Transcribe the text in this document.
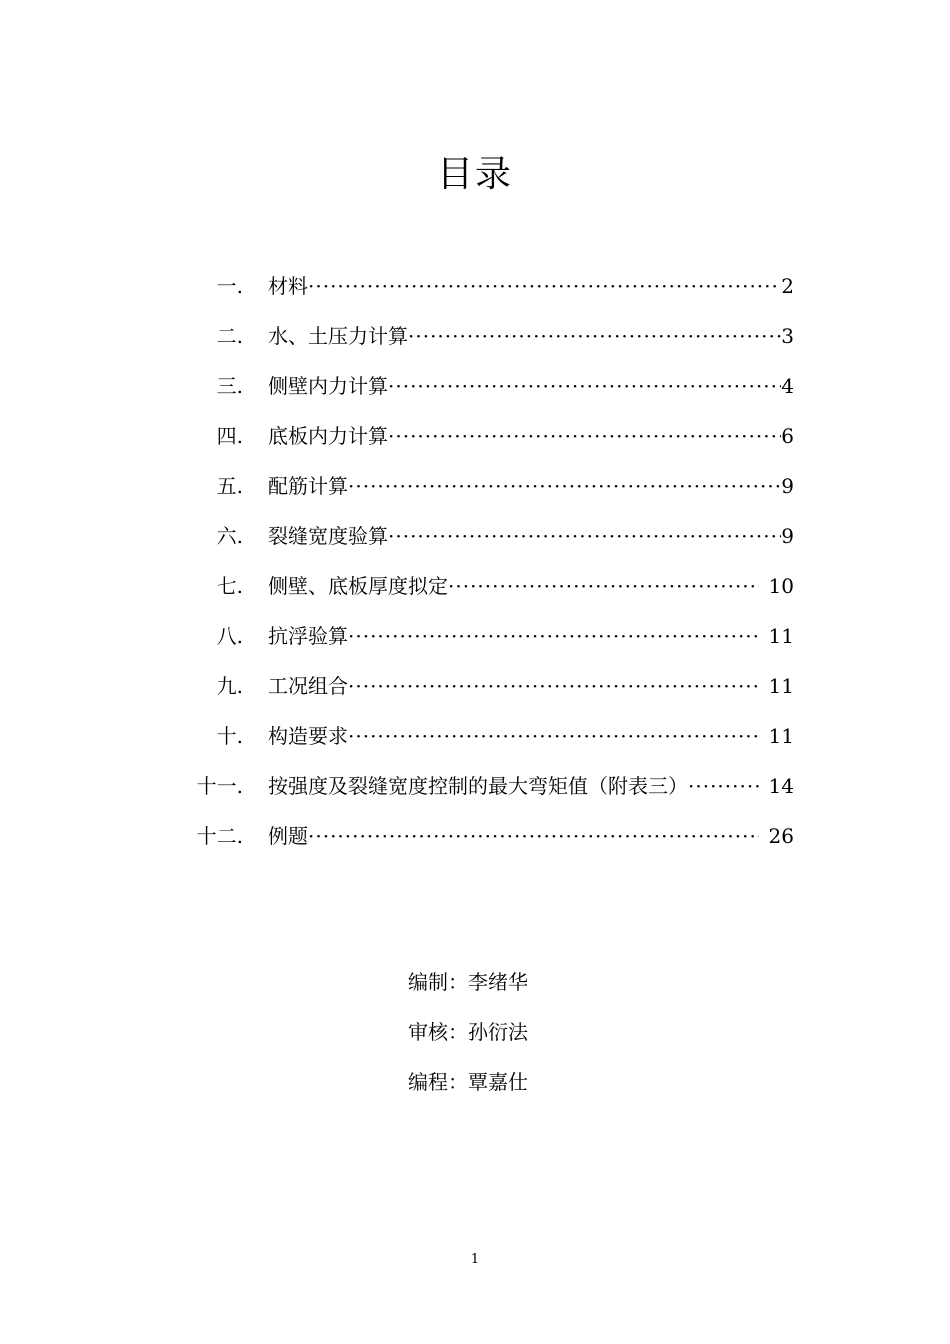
目录
一. 材料 ·····	2
二. 水、土压力计算 ·····	3
三. 侧壁内力计算 ·····	4
四. 底板内力计算 ·····	6
五. 配筋计算 ·····	9
六. 裂缝宽度验算 ·····	9
七. 侧壁、底板厚度拟定 ·····	10
八. 抗浮验算 ·····	11
九. 工况组合 ·····	11
十. 构造要求 ·····	11
十一. 按强度及裂缝宽度控制的最大弯矩值（附表三） ·····	14
十二. 例题 ·····	26
编制：李绪华
审核：孙衍法
编程：覃嘉仕
1
